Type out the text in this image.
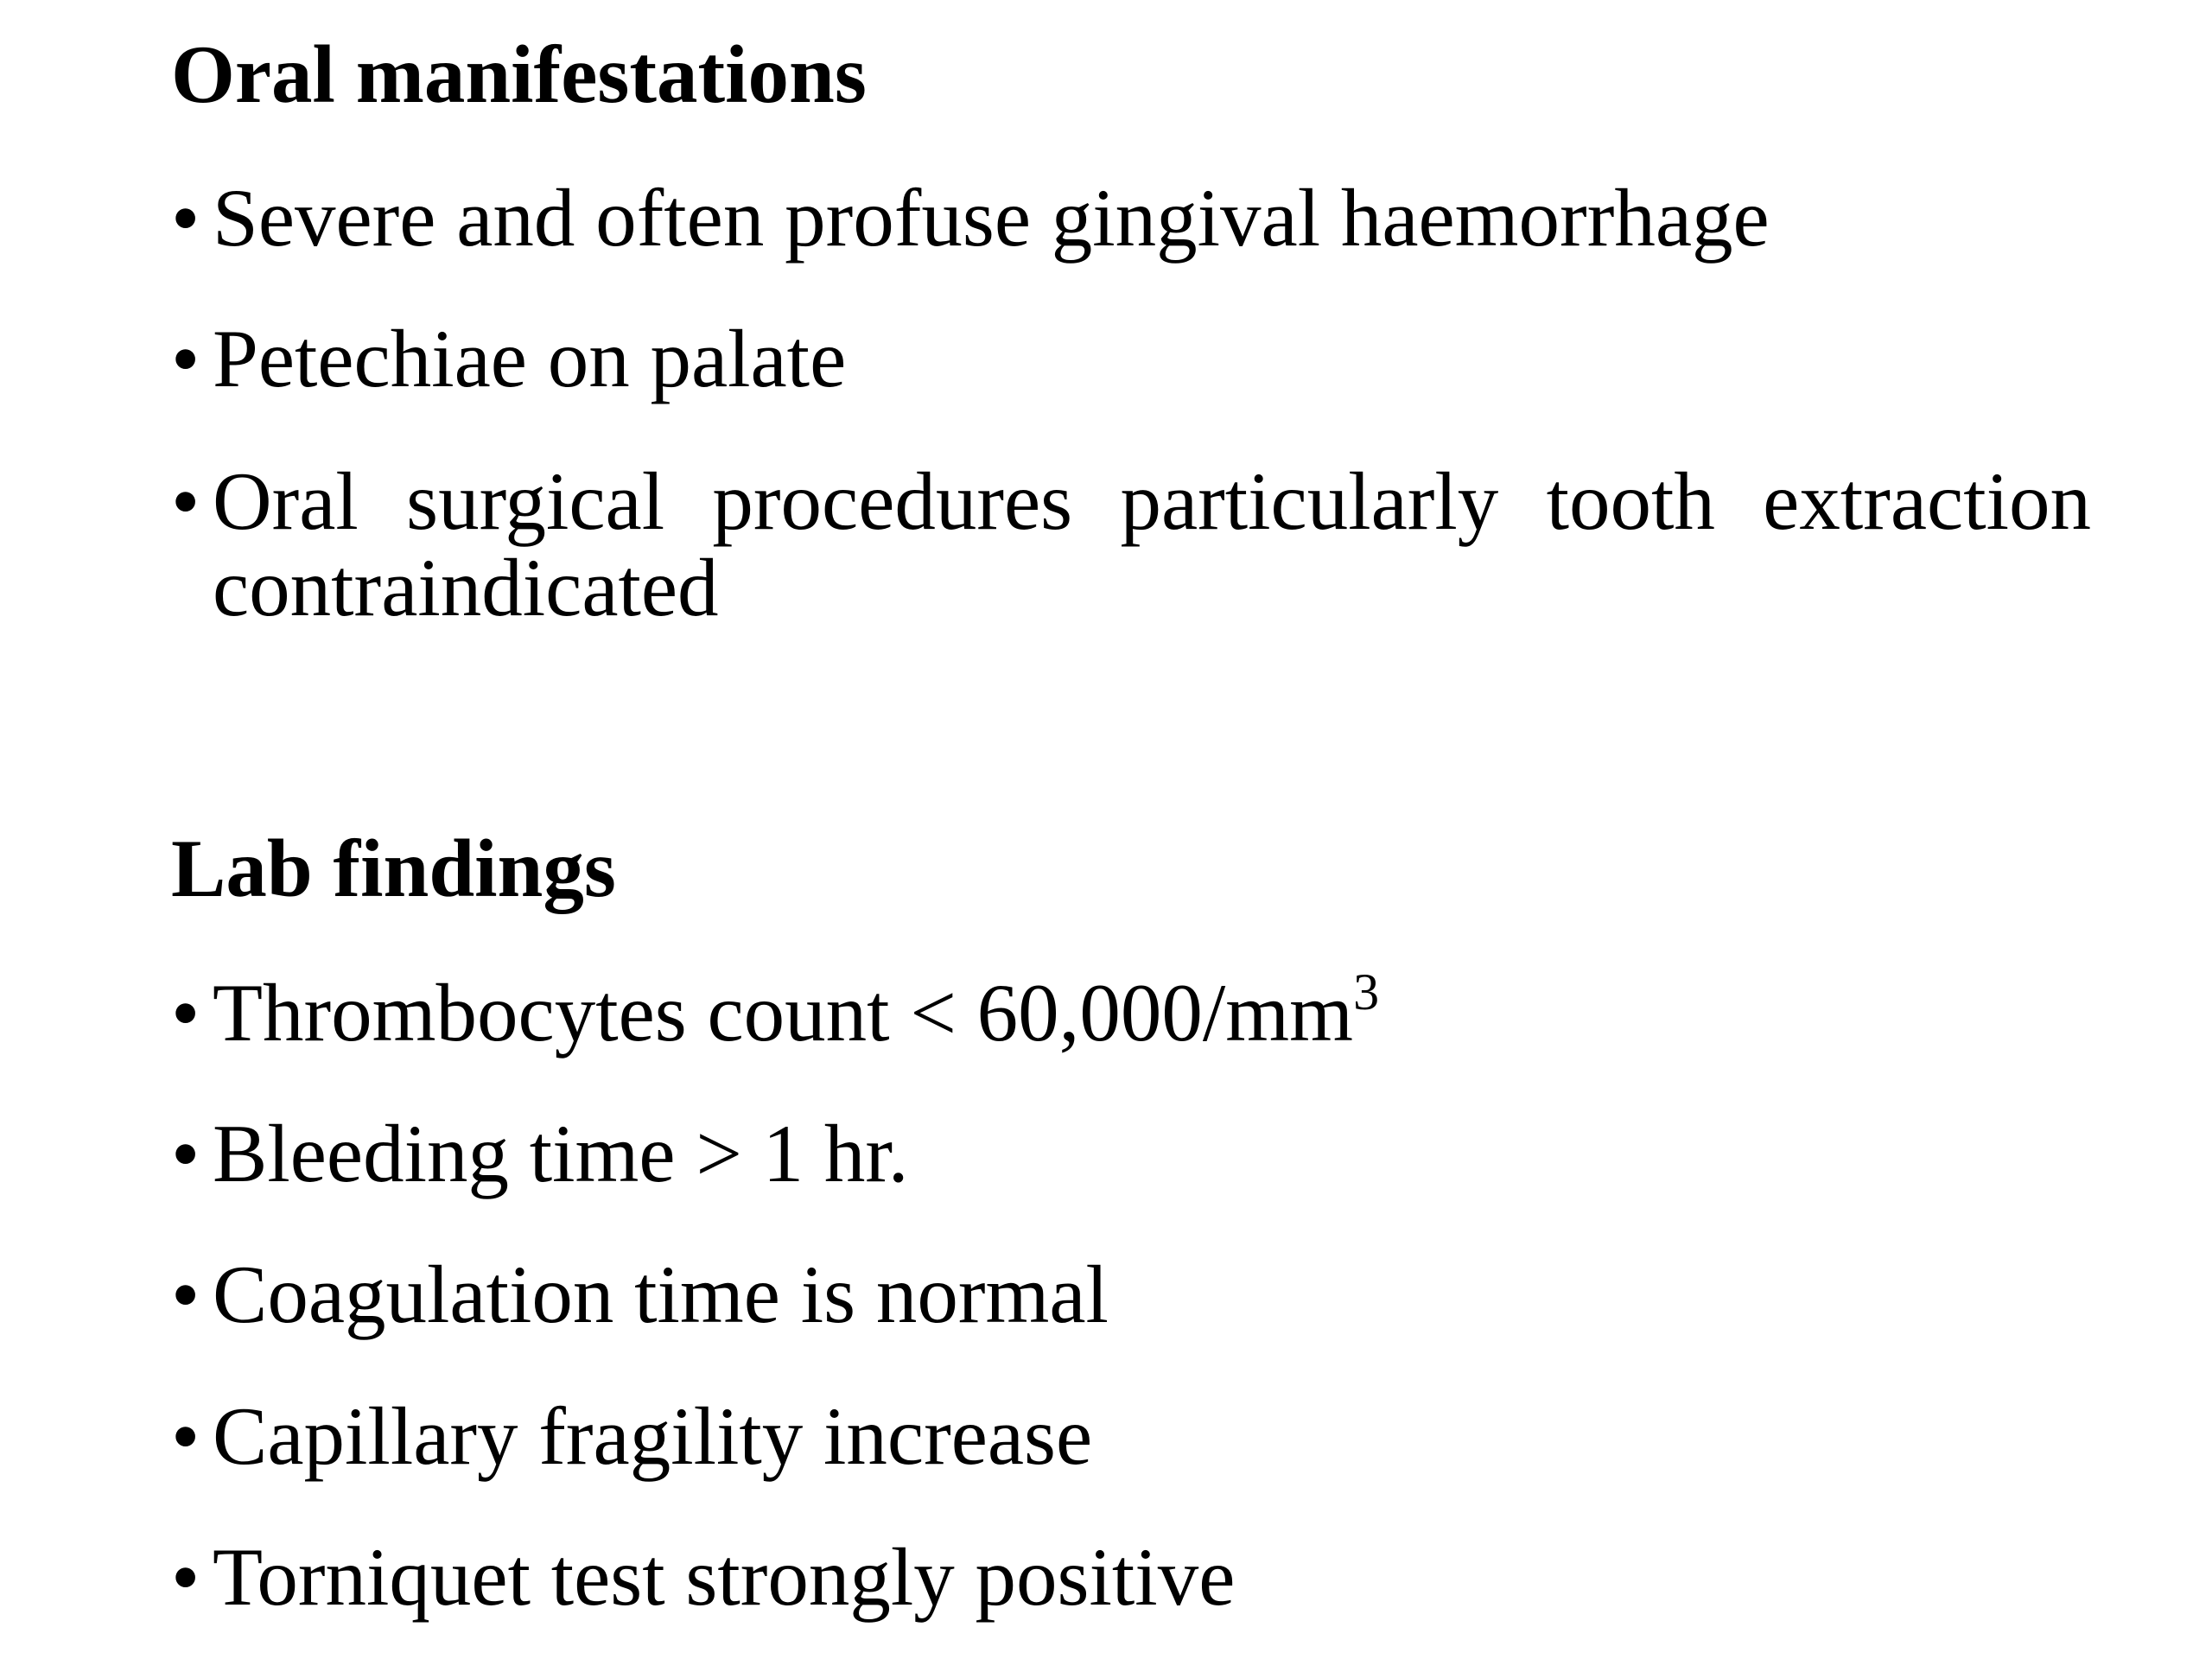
Oral manifestations
• Severe and often profuse gingival haemorrhage
• Petechiae on palate
• Oral surgical procedures particularly tooth extraction contraindicated
Lab findings
• Thrombocytes count < $60,000/mm^3$
• Bleeding time > 1 hr.
• Coagulation time is normal
• Capillary fragility increase
• Torniquet test strongly positive
